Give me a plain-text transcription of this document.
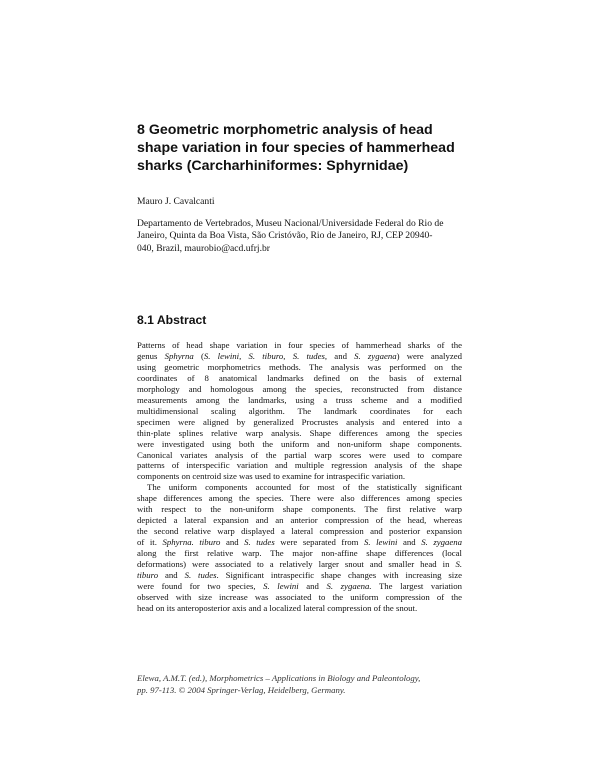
8 Geometric morphometric analysis of head
shape variation in four species of hammerhead
sharks (Carcharhiniformes: Sphyrnidae)
Mauro J. Cavalcanti
Departamento de Vertebrados, Museu Nacional/Universidade Federal do Rio de
Janeiro, Quinta da Boa Vista, São Cristóvão, Rio de Janeiro, RJ, CEP 20940-
040, Brazil, maurobio@acd.ufrj.br
8.1 Abstract
Patterns of head shape variation in four species of hammerhead sharks of the
genus Sphyrna (S. lewini, S. tiburo, S. tudes, and S. zygaena) were analyzed
using geometric morphometrics methods. The analysis was performed on the
coordinates of 8 anatomical landmarks defined on the basis of external
morphology and homologous among the species, reconstructed from distance
measurements among the landmarks, using a truss scheme and a modified
multidimensional scaling algorithm. The landmark coordinates for each
specimen were aligned by generalized Procrustes analysis and entered into a
thin-plate splines relative warp analysis. Shape differences among the species
were investigated using both the uniform and non-uniform shape components.
Canonical variates analysis of the partial warp scores were used to compare
patterns of interspecific variation and multiple regression analysis of the shape
components on centroid size was used to examine for intraspecific variation.
The uniform components accounted for most of the statistically significant
shape differences among the species. There were also differences among species
with respect to the non-uniform shape components. The first relative warp
depicted a lateral expansion and an anterior compression of the head, whereas
the second relative warp displayed a lateral compression and posterior expansion
of it. Sphyrna. tiburo and S. tudes were separated from S. lewini and S. zygaena
along the first relative warp. The major non-affine shape differences (local
deformations) were associated to a relatively larger snout and smaller head in S.
tiburo and S. tudes. Significant intraspecific shape changes with increasing size
were found for two species, S. lewini and S. zygaena. The largest variation
observed with size increase was associated to the uniform compression of the
head on its anteroposterior axis and a localized lateral compression of the snout.
Elewa, A.M.T. (ed.), Morphometrics – Applications in Biology and Paleontology,
pp. 97-113. © 2004 Springer-Verlag, Heidelberg, Germany.
